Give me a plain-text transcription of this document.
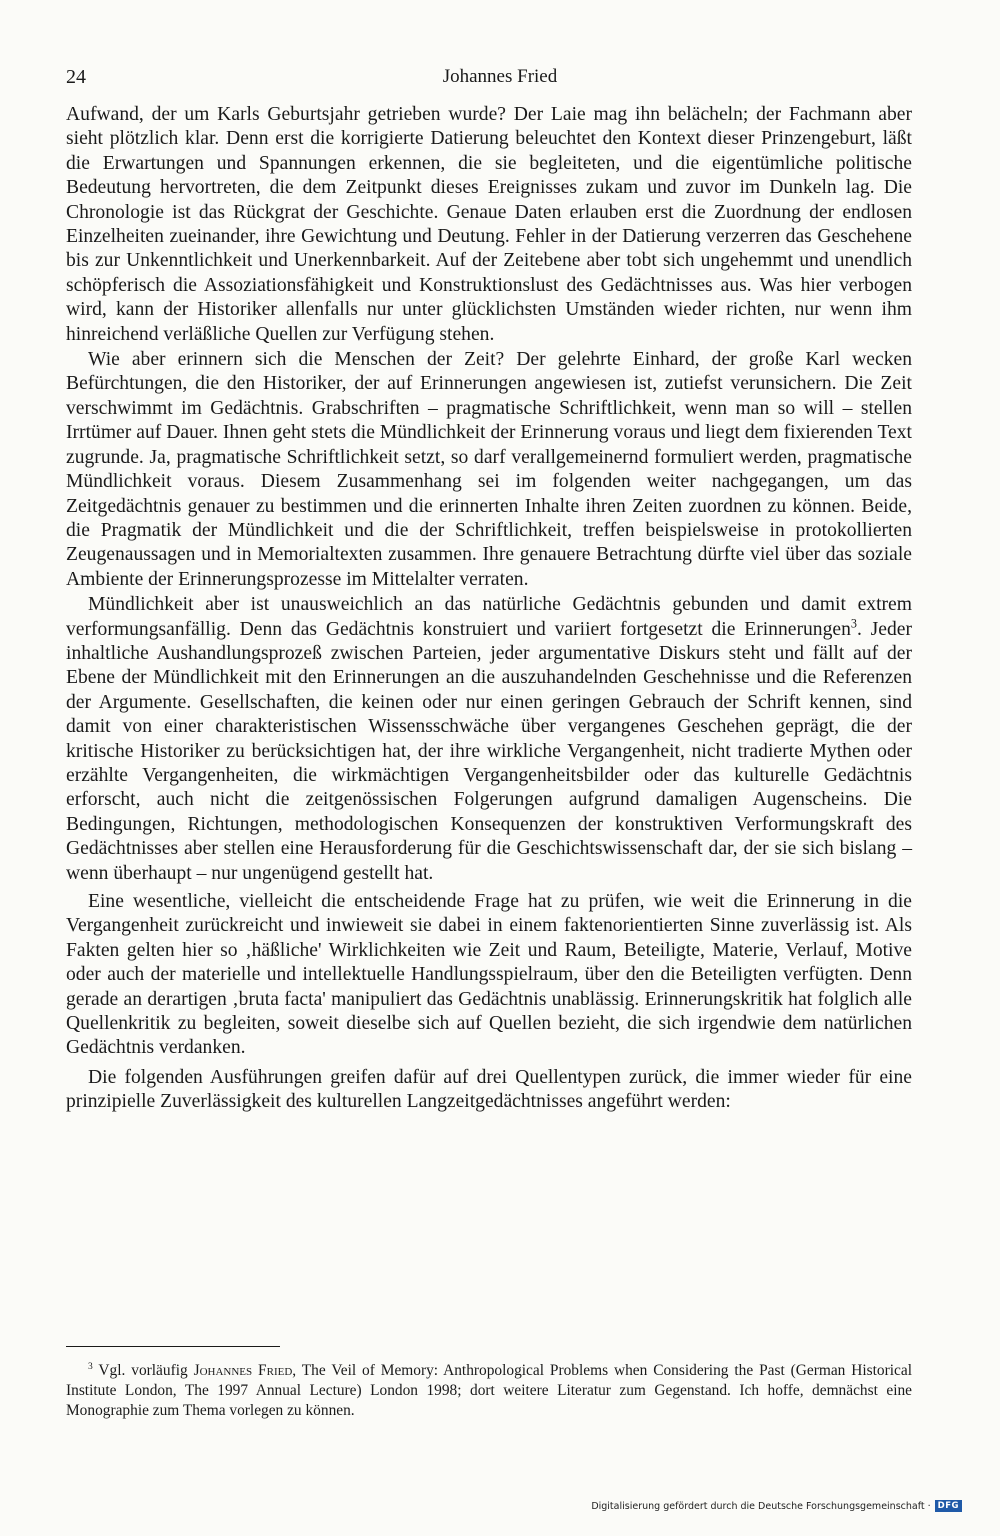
24	Johannes Fried

Aufwand, der um Karls Geburtsjahr getrieben wurde? Der Laie mag ihn belächeln; der Fachmann aber sieht plötzlich klar. Denn erst die korrigierte Datierung beleuchtet den Kontext dieser Prinzengeburt, läßt die Erwartungen und Spannungen erkennen, die sie begleiteten, und die eigentümliche politische Bedeutung hervortreten, die dem Zeitpunkt dieses Ereignisses zukam und zuvor im Dunkeln lag. Die Chronologie ist das Rückgrat der Geschichte. Genaue Daten erlauben erst die Zuordnung der endlosen Einzelheiten zueinander, ihre Gewichtung und Deutung. Fehler in der Datierung verzerren das Geschehene bis zur Unkenntlichkeit und Unerkennbarkeit. Auf der Zeitebene aber tobt sich ungehemmt und unendlich schöpferisch die Assoziationsfähigkeit und Konstruktionslust des Gedächtnisses aus. Was hier verbogen wird, kann der Historiker allenfalls nur unter glücklichsten Umständen wieder richten, nur wenn ihm hinreichend verläßliche Quellen zur Verfügung stehen.

Wie aber erinnern sich die Menschen der Zeit? Der gelehrte Einhard, der große Karl wecken Befürchtungen, die den Historiker, der auf Erinnerungen angewiesen ist, zutiefst verunsichern. Die Zeit verschwimmt im Gedächtnis. Grabschriften – pragmatische Schriftlichkeit, wenn man so will – stellen Irrtümer auf Dauer. Ihnen geht stets die Mündlichkeit der Erinnerung voraus und liegt dem fixierenden Text zugrunde. Ja, pragmatische Schriftlichkeit setzt, so darf verallgemeinernd formuliert werden, pragmatische Mündlichkeit voraus. Diesem Zusammenhang sei im folgenden weiter nachgegangen, um das Zeitgedächtnis genauer zu bestimmen und die erinnerten Inhalte ihren Zeiten zuordnen zu können. Beide, die Pragmatik der Mündlichkeit und die der Schriftlichkeit, treffen beispielsweise in protokollierten Zeugenaussagen und in Memorialtexten zusammen. Ihre genauere Betrachtung dürfte viel über das soziale Ambiente der Erinnerungsprozesse im Mittelalter verraten.

Mündlichkeit aber ist unausweichlich an das natürliche Gedächtnis gebunden und damit extrem verformungsanfällig. Denn das Gedächtnis konstruiert und variiert fortgesetzt die Erinnerungen$^3$. Jeder inhaltliche Aushandlungsprozeß zwischen Parteien, jeder argumentative Diskurs steht und fällt auf der Ebene der Mündlichkeit mit den Erinnerungen an die auszuhandelnden Geschehnisse und die Referenzen der Argumente. Gesellschaften, die keinen oder nur einen geringen Gebrauch der Schrift kennen, sind damit von einer charakteristischen Wissensschwäche über vergangenes Geschehen geprägt, die der kritische Historiker zu berücksichtigen hat, der ihre wirkliche Vergangenheit, nicht tradierte Mythen oder erzählte Vergangenheiten, die wirkmächtigen Vergangenheitsbilder oder das kulturelle Gedächtnis erforscht, auch nicht die zeitgenössischen Folgerungen aufgrund damaligen Augenscheins. Die Bedingungen, Richtungen, methodologischen Konsequenzen der konstruktiven Verformungskraft des Gedächtnisses aber stellen eine Herausforderung für die Geschichtswissenschaft dar, der sie sich bislang – wenn überhaupt – nur ungenügend gestellt hat.

Eine wesentliche, vielleicht die entscheidende Frage hat zu prüfen, wie weit die Erinnerung in die Vergangenheit zurückreicht und inwieweit sie dabei in einem faktenorientierten Sinne zuverlässig ist. Als Fakten gelten hier so ‚häßliche' Wirklichkeiten wie Zeit und Raum, Beteiligte, Materie, Verlauf, Motive oder auch der materielle und intellektuelle Handlungsspielraum, über den die Beteiligten verfügten. Denn gerade an derartigen ‚bruta facta' manipuliert das Gedächtnis unablässig. Erinnerungskritik hat folglich alle Quellenkritik zu begleiten, soweit dieselbe sich auf Quellen bezieht, die sich irgendwie dem natürlichen Gedächtnis verdanken.

Die folgenden Ausführungen greifen dafür auf drei Quellentypen zurück, die immer wieder für eine prinzipielle Zuverlässigkeit des kulturellen Langzeitgedächtnisses angeführt werden:

$^3$ Vgl. vorläufig Johannes Fried, The Veil of Memory: Anthropological Problems when Considering the Past (German Historical Institute London, The 1997 Annual Lecture) London 1998; dort weitere Literatur zum Gegenstand. Ich hoffe, demnächst eine Monographie zum Thema vorlegen zu können.
Digitalisierung gefördert durch die Deutsche Forschungsgemeinschaft · DFG
